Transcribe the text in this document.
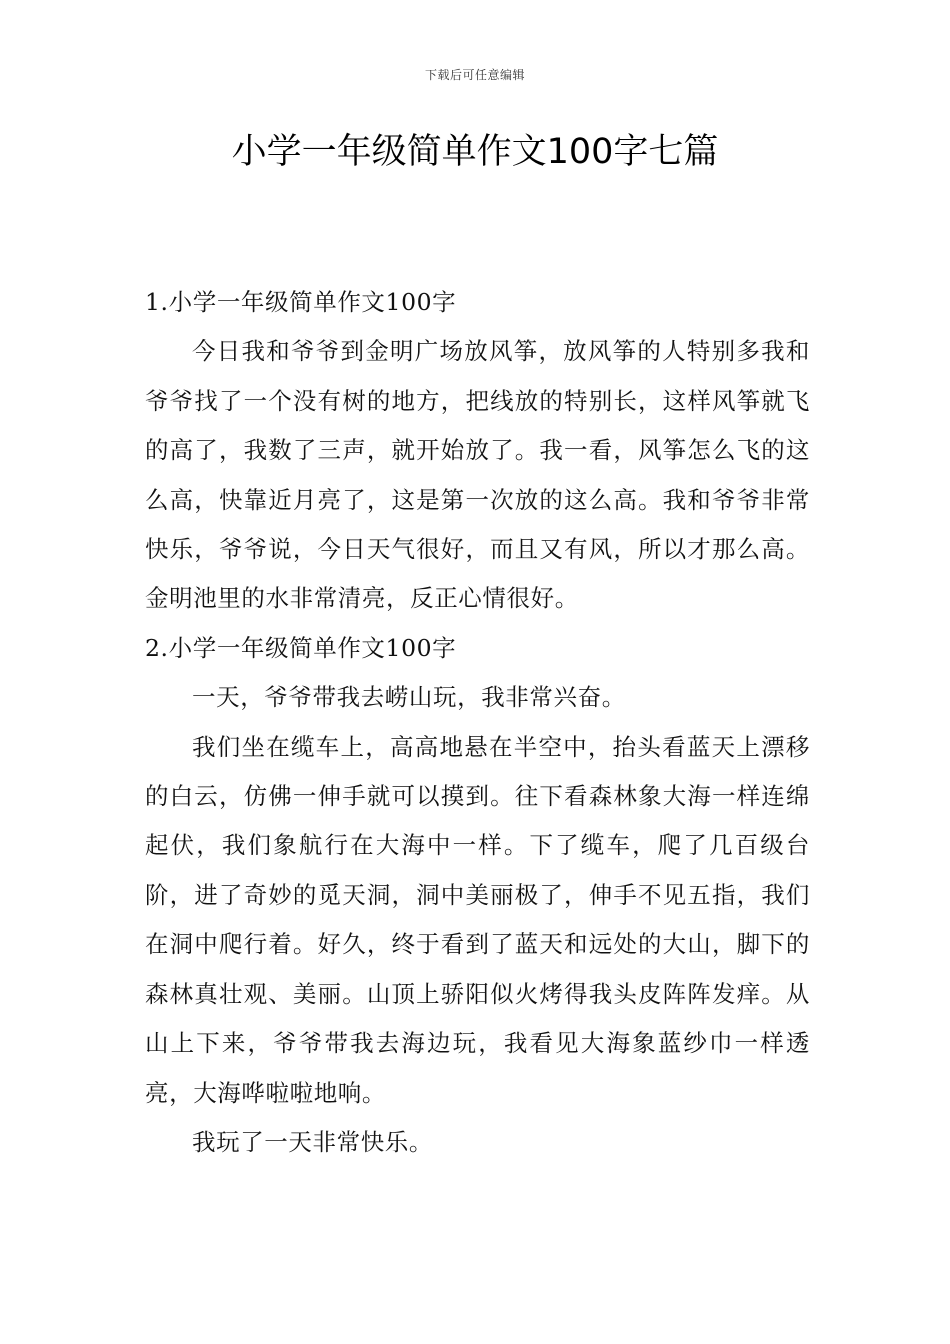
下载后可任意编辑
小学一年级简单作文100字七篇

1.小学一年级简单作文100字

今日我和爷爷到金明广场放风筝，放风筝的人特别多我和爷爷找了一个没有树的地方，把线放的特别长，这样风筝就飞的高了，我数了三声，就开始放了。我一看，风筝怎么飞的这么高，快靠近月亮了，这是第一次放的这么高。我和爷爷非常快乐，爷爷说，今日天气很好，而且又有风，所以才那么高。金明池里的水非常清亮，反正心情很好。

2.小学一年级简单作文100字

一天，爷爷带我去崂山玩，我非常兴奋。

我们坐在缆车上，高高地悬在半空中，抬头看蓝天上漂移的白云，仿佛一伸手就可以摸到。往下看森林象大海一样连绵起伏，我们象航行在大海中一样。下了缆车，爬了几百级台阶，进了奇妙的觅天洞，洞中美丽极了，伸手不见五指，我们在洞中爬行着。好久，终于看到了蓝天和远处的大山，脚下的森林真壮观、美丽。山顶上骄阳似火烤得我头皮阵阵发痒。从山上下来，爷爷带我去海边玩，我看见大海象蓝纱巾一样透亮，大海哗啦啦地响。

我玩了一天非常快乐。
